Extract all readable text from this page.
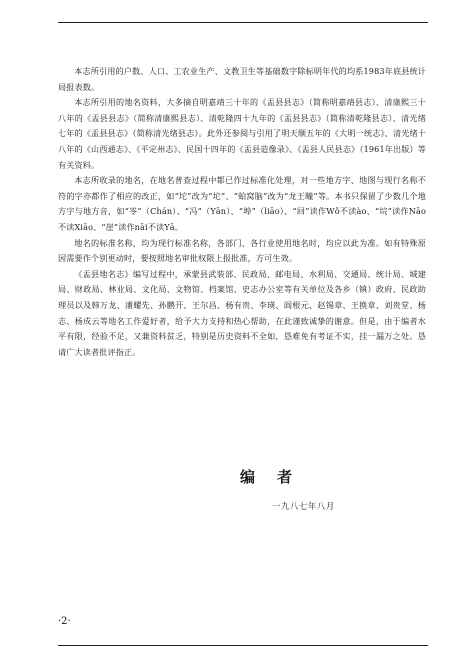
本志所引用的户数、人口、工农业生产、文教卫生等基础数字除标明年代的均系1983年底县统计局报表数。

本志所引用的地名资料，大多摘自明嘉靖三十年的《盂县县志》（简称明嘉靖县志）、清康熙三十八年的《盂县县志》（简称清康熙县志）、清乾隆四十九年的《盂县县志》（简称清乾隆县志）、清光绪七年的《盂县县志》（简称清光绪县志）。此外还参阅与引用了明天顺五年的《大明一统志》、清光绪十八年的《山西通志》、《平定州志》、民国十四年的《盂县造像录》、《盂县人民县志》（1961年出版）等有关资料。

本志所收录的地名，在地名普查过程中都已作过标准化处理，对一些地方字、地图与现行名称不符的字亦都作了相应的改正，如“坨”改为“坨”、“蛤窝脑”改为“龙王疃”等。本书只保留了少数几个地方字与地方音，如“岺”（Chán）、“冯”（Yān）、“埠”（liāo）、“回”读作Wǒ不读ào、“垸”读作Nāo不读Xiāo、“崖”读作nāi不读Yā。

地名的标准名称，均为现行标准名称，各部门、各行业使用地名时，均应以此为准。如有特殊原因需要作个别更动时，要按照地名审批权限上报批准，方可生效。

《盂县地名志》编写过程中，承蒙县武装部、民政局、邮电局、水利局、交通局、统计局、城建局、财政局、林业局、文化局、文物馆、档案馆、史志办公室等有关单位及各乡（镇）政府、民政助理员以及韩万龙、潘耀先、孙鹏开、王尔昌、杨有贵、李瑛、阎根元、赵锡章、王换章、刘贵堂、杨志、杨成云等地名工作爱好者，给予大力支持和热心帮助，在此谨致诚挚的谢意。但是，由于编者水平有限，经验不足，又兼资料贫乏，特别是历史资料不全如，恳难免有考证不实，挂一漏万之处。恳请广大读者批评指正。

编者
一九八七年八月
·2·
